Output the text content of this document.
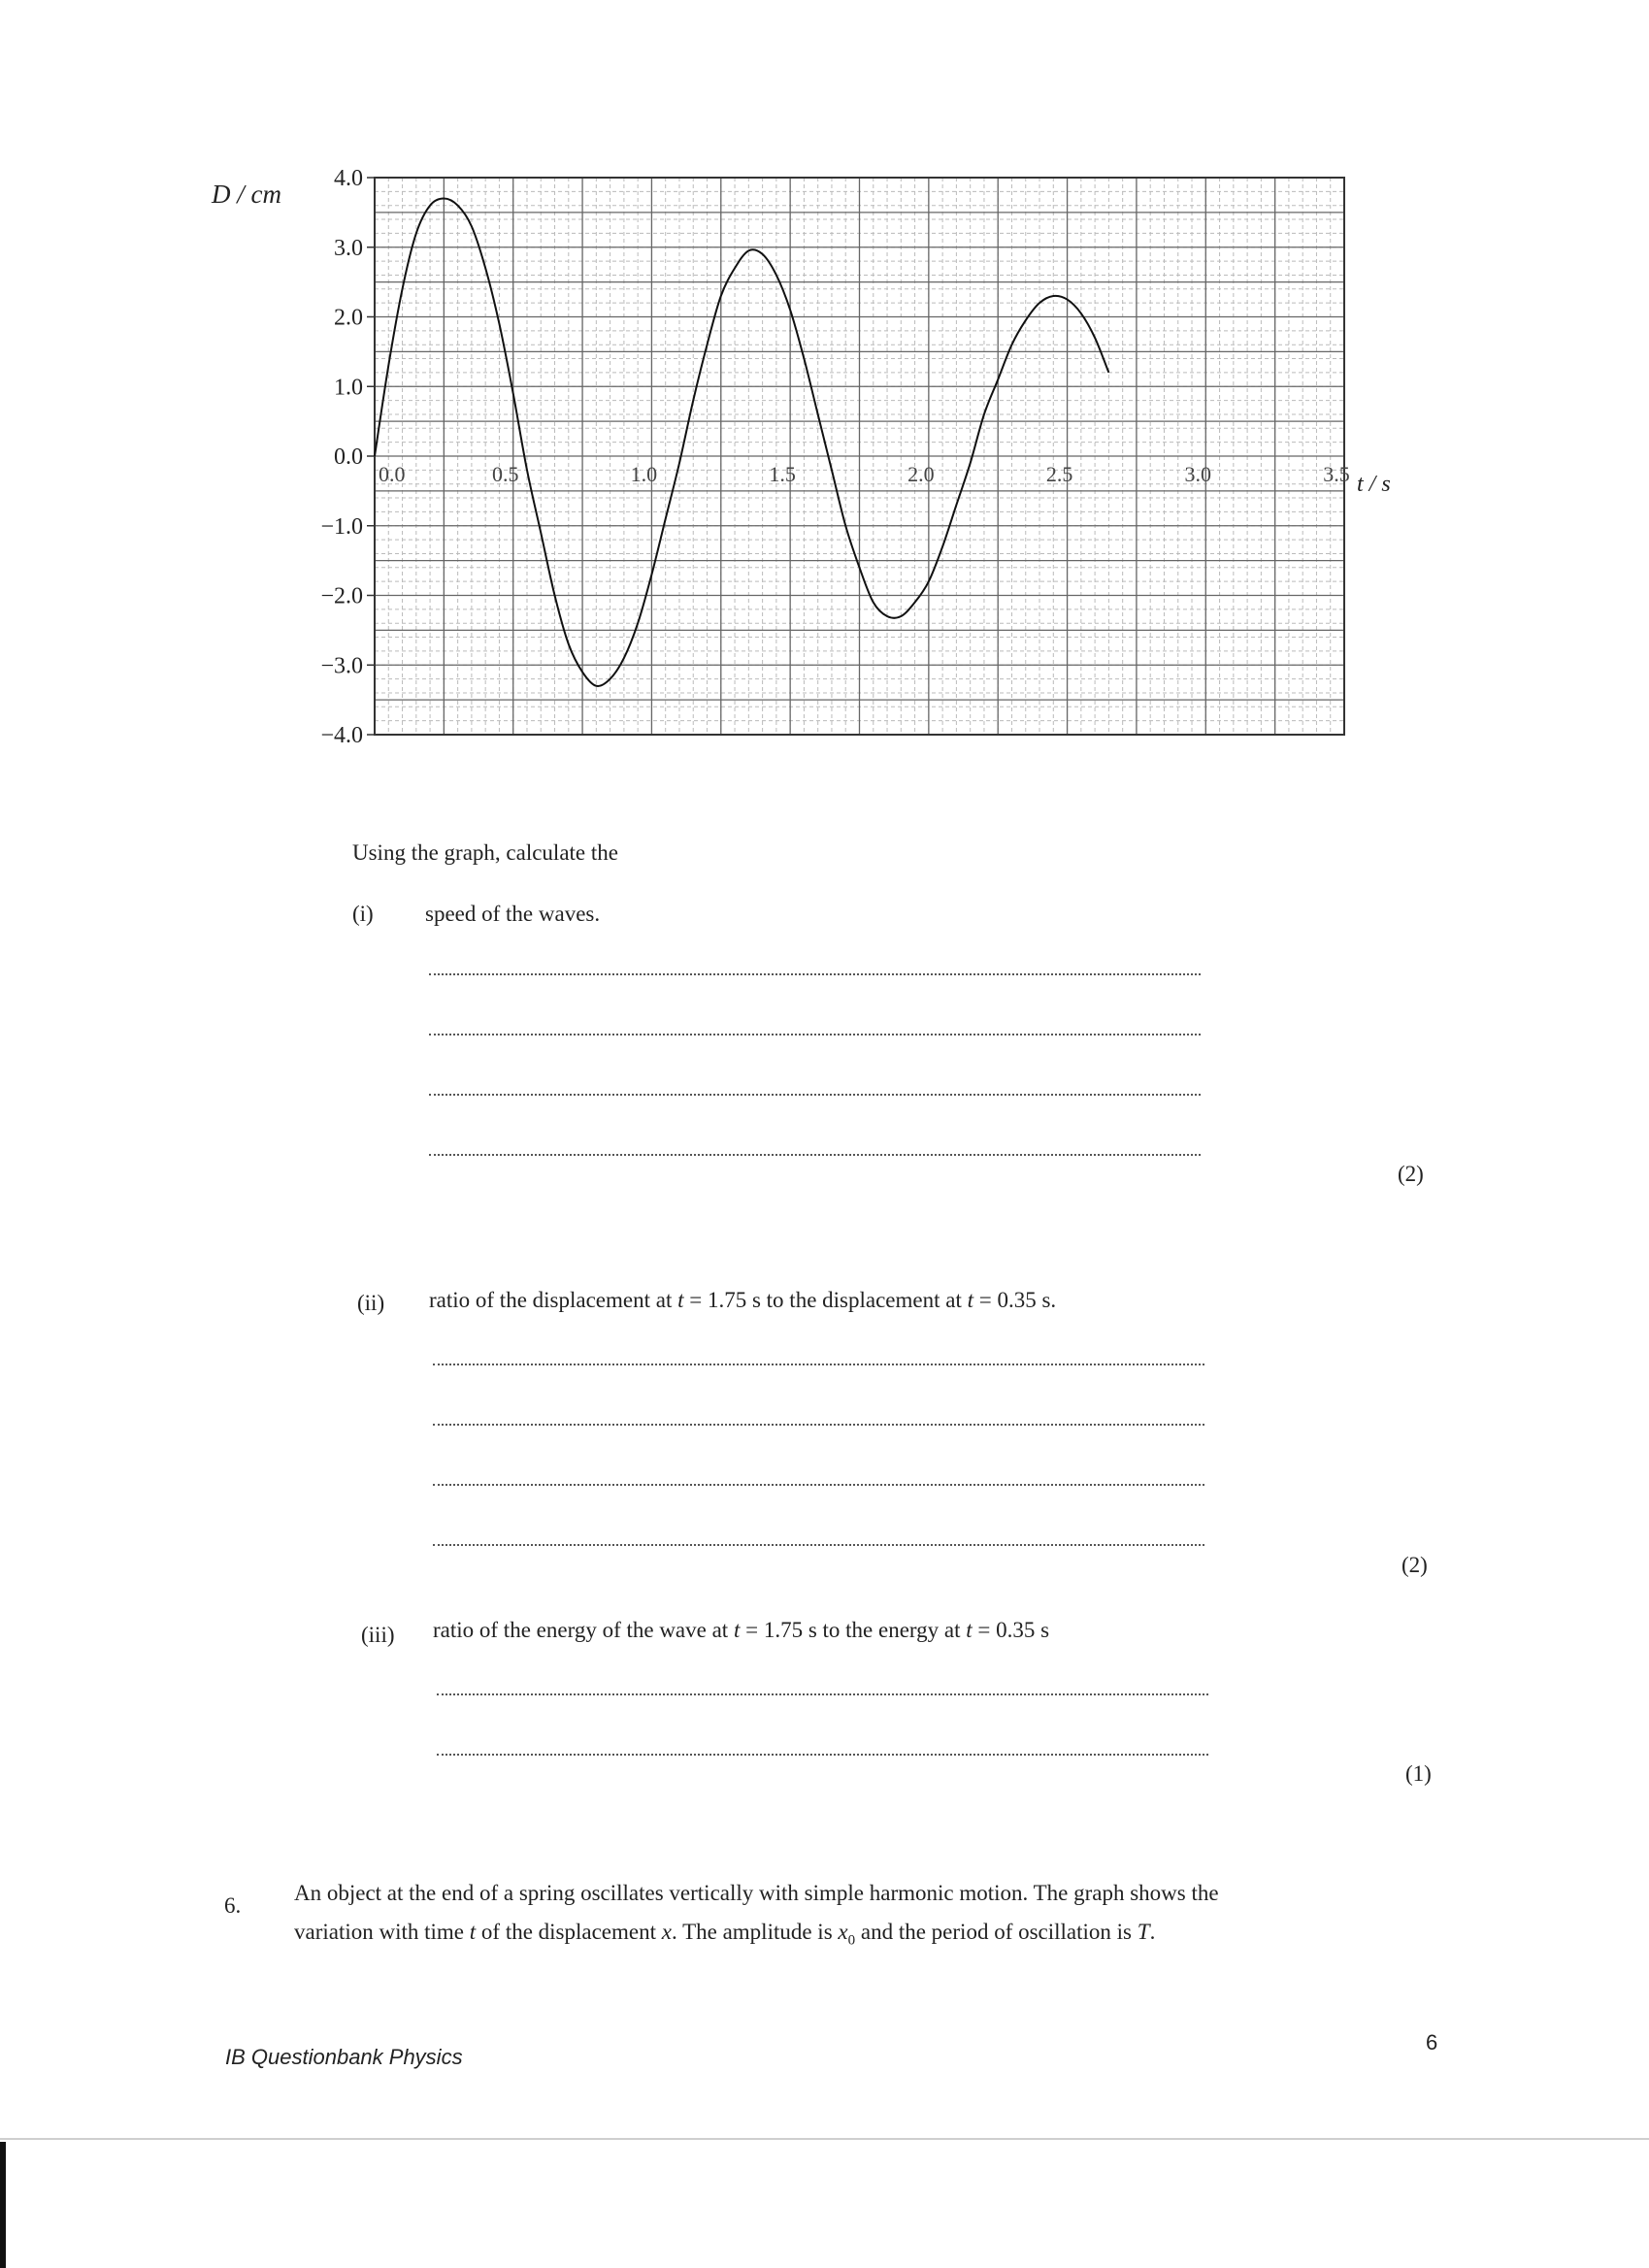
4.0
3.0
2.0
1.0
0.0
−1.0
−2.0
−3.0
−4.0
0.0	0.5	1.0	1.5	2.0	2.5	3.0	3.5
D / cm
t / s
Using the graph, calculate the
(i) speed of the waves.
(2)
(ii) ratio of the displacement at t = 1.75 s to the displacement at t = 0.35 s.
(2)
(iii) ratio of the energy of the wave at t = 1.75 s to the energy at t = 0.35 s
(1)
6.
An object at the end of a spring oscillates vertically with simple harmonic motion. The graph shows the
variation with time t of the displacement x. The amplitude is $x_0$ and the period of oscillation is T.
IB Questionbank Physics
6
